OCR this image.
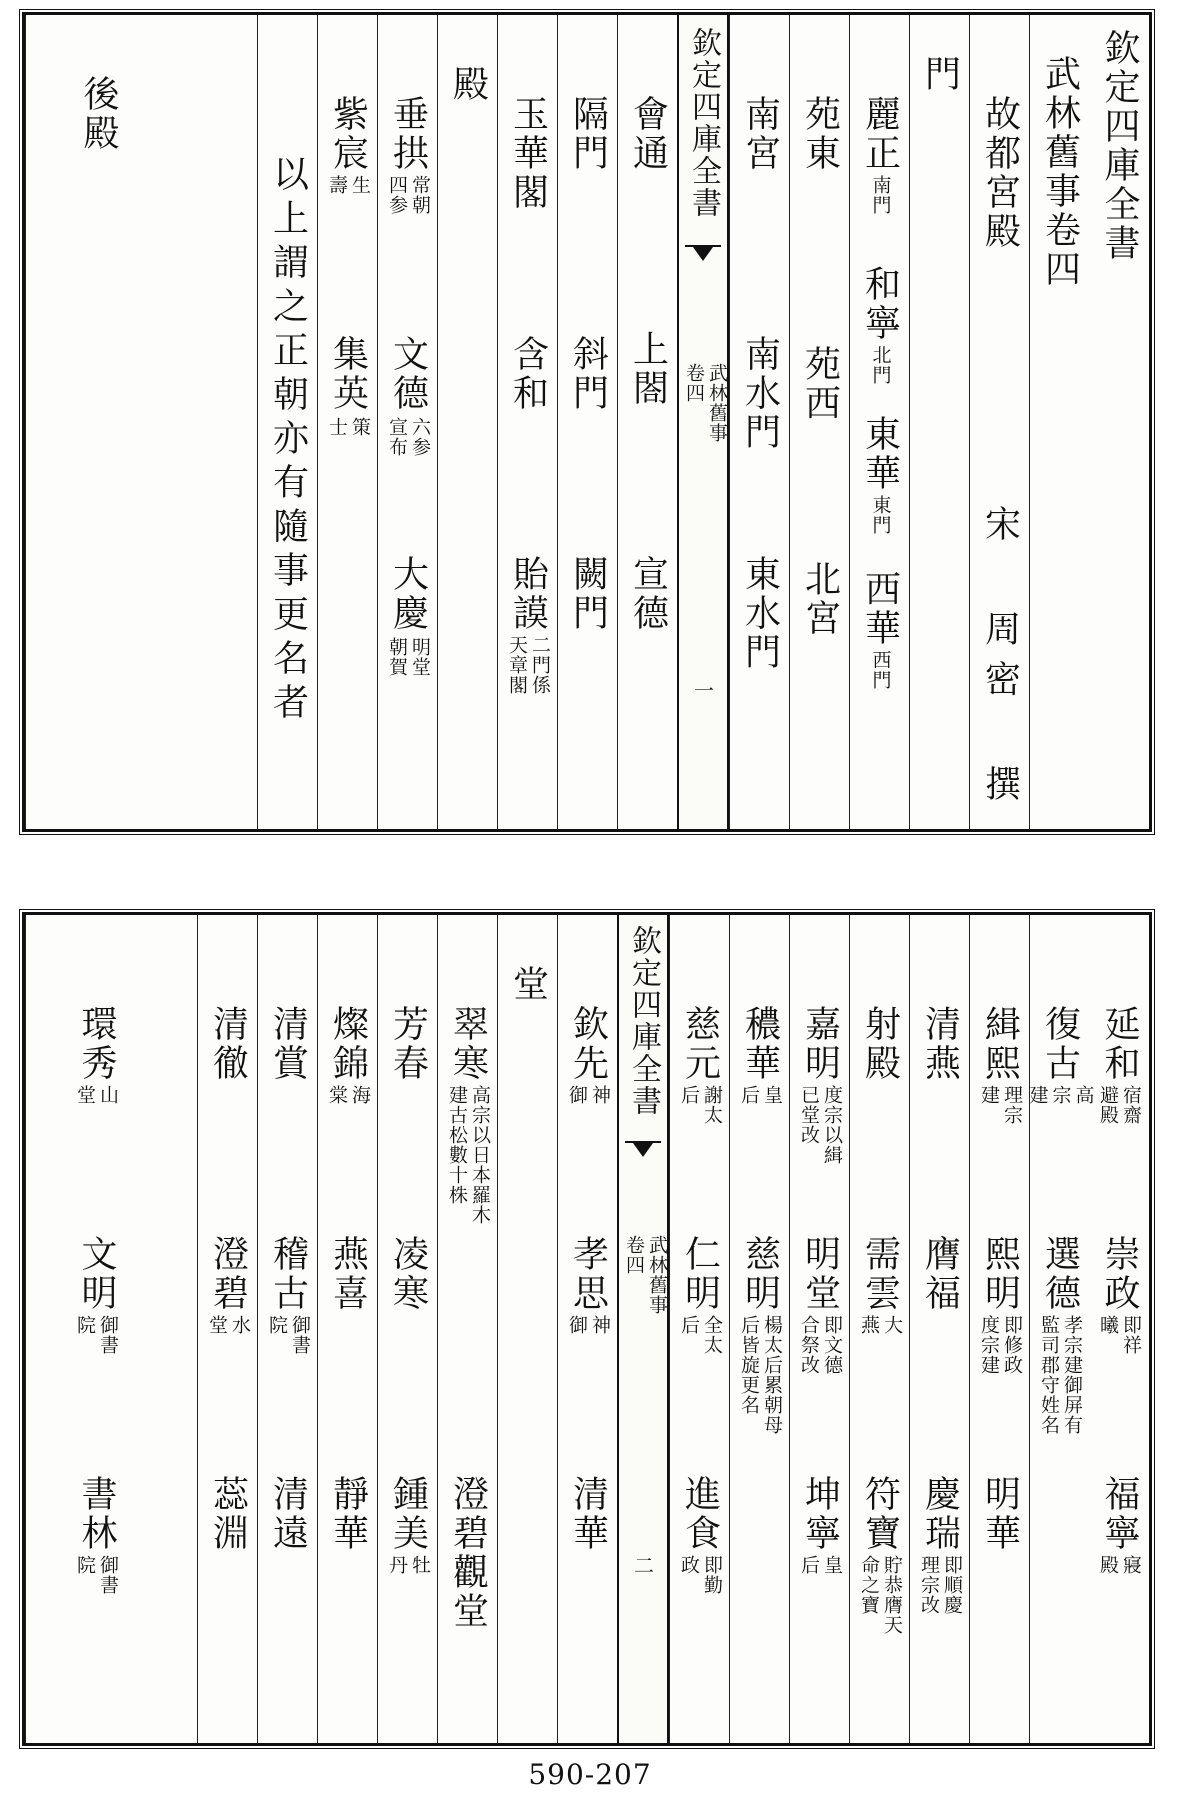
欽定四庫全書
武林舊事卷四
故都宮殿
宋 周密 撰
門
麗正
南門
和寧
北門
東華
東門
西華
西門
苑東
苑西
北宮
南宮
南水門
東水門
欽定四庫全書
武林舊事
卷四
一
會通
上閤
宣德
隔門
斜門
闕門
玉華閣
含和
貽謨
二門係
天章閣
殿
垂拱
常朝
四参
文德
六参
宣布
大慶
明堂
朝賀
紫宸
生
壽
集英
策
士
以上謂之正朝亦有隨事更名者
後殿
延和
宿齋
避殿
崇政
即祥
曦
福寧
寢
殿
復古
高
宗
建
選德
孝宗建御屏有
監司郡守姓名
緝熙
理宗
建
熙明
即修政
度宗建
明華
清燕
膺福
慶瑞
即順慶
理宗改
射殿
需雲
大
燕
符寶
貯恭膺天
命之寶
嘉明
度宗以緝
已堂改
明堂
即文德
合祭改
坤寧
皇
后
穠華
皇
后
慈明
楊太后累朝母
后皆旋更名
慈元
謝太
后
仁明
全太
后
進食
即勤
政
欽定四庫全書
武林舊事
卷四
二
欽先
神
御
孝思
神
御
清華
堂
翠寒
高宗以日本羅木
建古松數十株
澄碧觀堂
芳春
凌寒
鍾美
牡
丹
燦錦
海
棠
燕喜
靜華
清賞
稽古
御書
院
清遠
清徹
澄碧
水
堂
蕊淵
環秀
山
堂
文明
御書
院
書林
御書
院
590-207
